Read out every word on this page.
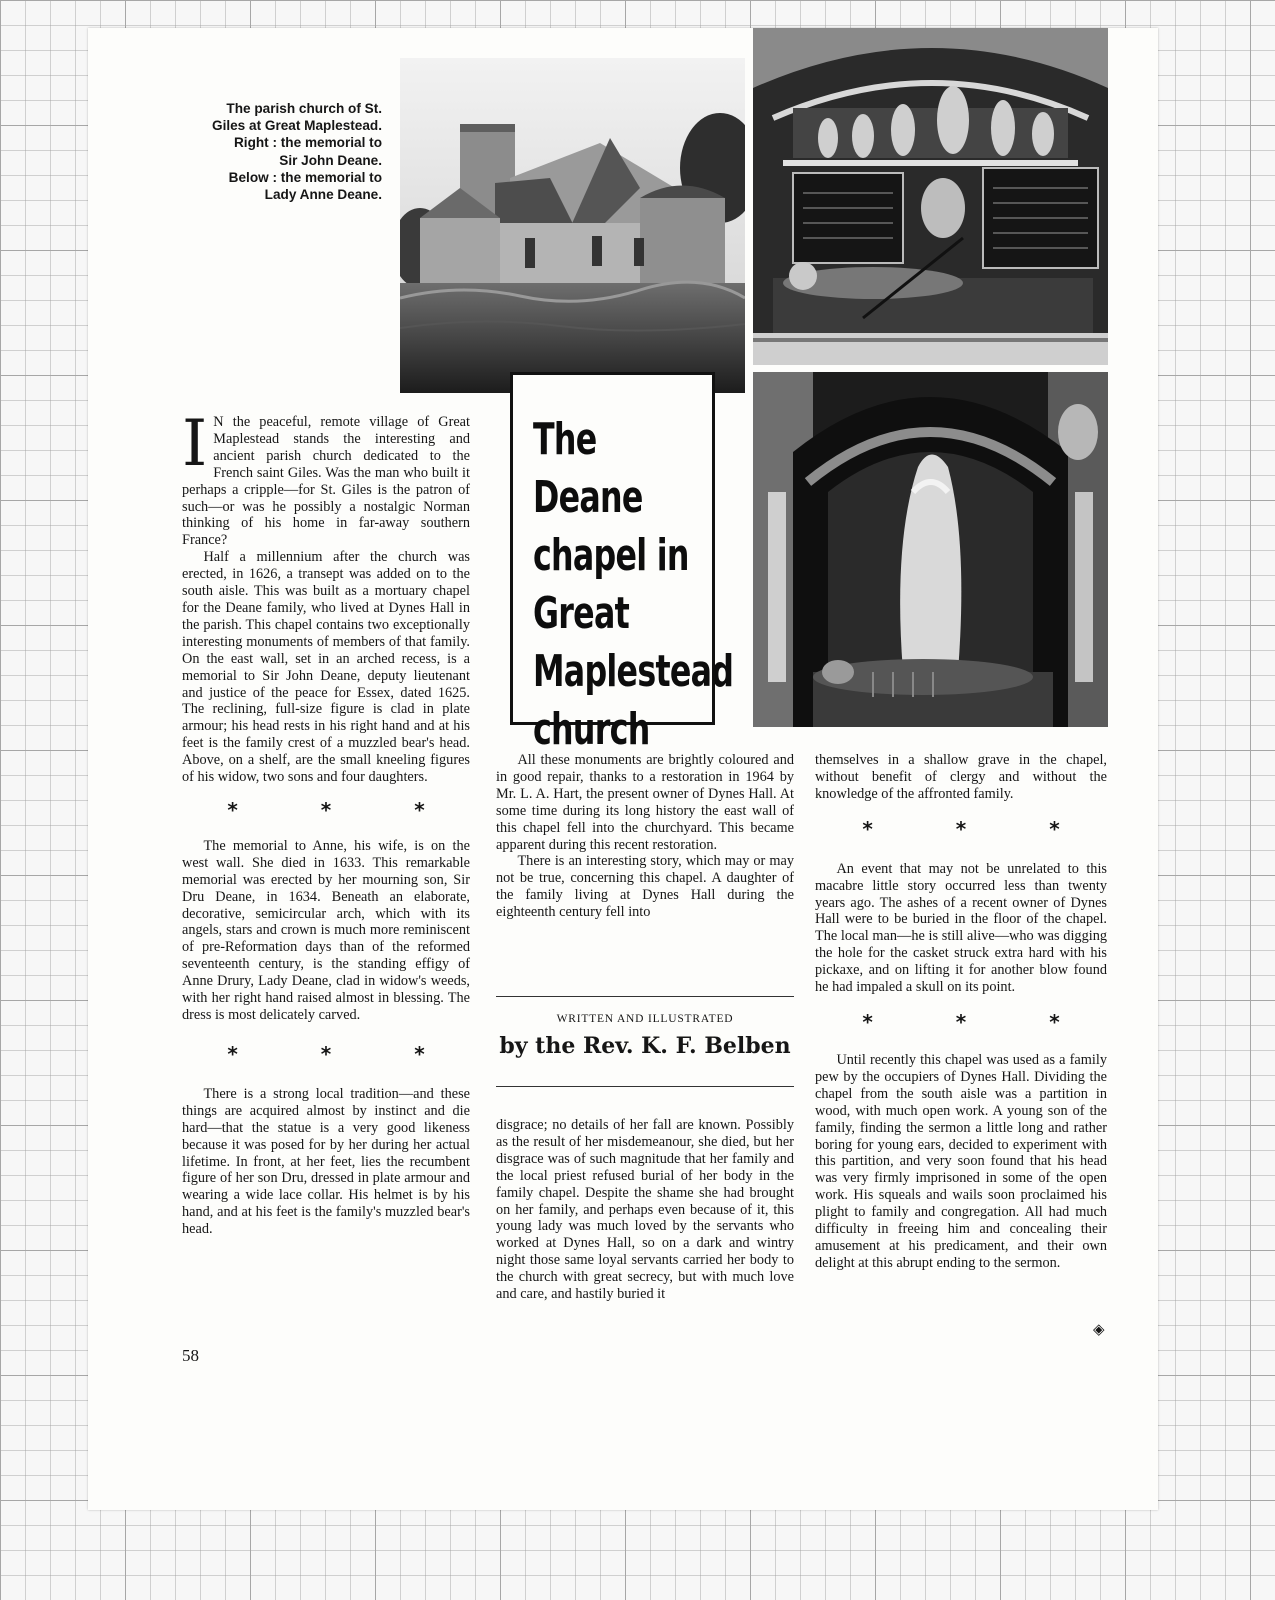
The parish church of St.

Giles at Great Maplestead.

Right : the memorial to

Sir John Deane.

Below : the memorial to

Lady Anne Deane.

The Deane
chapel in
Great
Maplestead
church
I N the peaceful, remote village of Great Maplestead stands the interesting and ancient parish church dedicated to the French saint Giles. Was the man who built it perhaps a cripple—for St. Giles is the patron of such—or was he possibly a nostalgic Norman thinking of his home in far-away southern France?

Half a millennium after the church was erected, in 1626, a transept was added on to the south aisle. This was built as a mortuary chapel for the Deane family, who lived at Dynes Hall in the parish. This chapel contains two exceptionally interesting monuments of members of that family. On the east wall, set in an arched recess, is a memorial to Sir John Deane, deputy lieutenant and justice of the peace for Essex, dated 1625. The reclining, full-size figure is clad in plate armour; his head rests in his right hand and at his feet is the family crest of a muzzled bear's head. Above, on a shelf, are the small kneeling figures of his widow, two sons and four daughters.

* * *

The memorial to Anne, his wife, is on the west wall. She died in 1633. This remarkable memorial was erected by her mourning son, Sir Dru Deane, in 1634. Beneath an elaborate, decorative, semicircular arch, which with its angels, stars and crown is much more reminiscent of pre-Reformation days than of the reformed seventeenth century, is the standing effigy of Anne Drury, Lady Deane, clad in widow's weeds, with her right hand raised almost in blessing. The dress is most delicately carved.

* * *

There is a strong local tradition—and these things are acquired almost by instinct and die hard—that the statue is a very good likeness because it was posed for by her during her actual lifetime. In front, at her feet, lies the recumbent figure of her son Dru, dressed in plate armour and wearing a wide lace collar. His helmet is by his hand, and at his feet is the family's muzzled bear's head.

All these monuments are brightly coloured and in good repair, thanks to a restoration in 1964 by Mr. L. A. Hart, the present owner of Dynes Hall. At some time during its long history the east wall of this chapel fell into the churchyard. This became apparent during this recent restoration.

There is an interesting story, which may or may not be true, concerning this chapel. A daughter of the family living at Dynes Hall during the eighteenth century fell into

WRITTEN AND ILLUSTRATED

by the Rev. K. F. Belben

disgrace; no details of her fall are known. Possibly as the result of her misdemeanour, she died, but her disgrace was of such magnitude that her family and the local priest refused burial of her body in the family chapel. Despite the shame she had brought on her family, and perhaps even because of it, this young lady was much loved by the servants who worked at Dynes Hall, so on a dark and wintry night those same loyal servants carried her body to the church with great secrecy, but with much love and care, and hastily buried it

themselves in a shallow grave in the chapel, without benefit of clergy and without the knowledge of the affronted family.

* * *

An event that may not be unrelated to this macabre little story occurred less than twenty years ago. The ashes of a recent owner of Dynes Hall were to be buried in the floor of the chapel. The local man—he is still alive—who was digging the hole for the casket struck extra hard with his pickaxe, and on lifting it for another blow found he had impaled a skull on its point.

* * *

Until recently this chapel was used as a family pew by the occupiers of Dynes Hall. Dividing the chapel from the south aisle was a partition in wood, with much open work. A young son of the family, finding the sermon a little long and rather boring for young ears, decided to experiment with this partition, and very soon found that his head was very firmly imprisoned in some of the open work. His squeals and wails soon proclaimed his plight to family and congregation. All had much difficulty in freeing him and concealing their amusement at his predicament, and their own delight at this abrupt ending to the sermon.

◈
58
